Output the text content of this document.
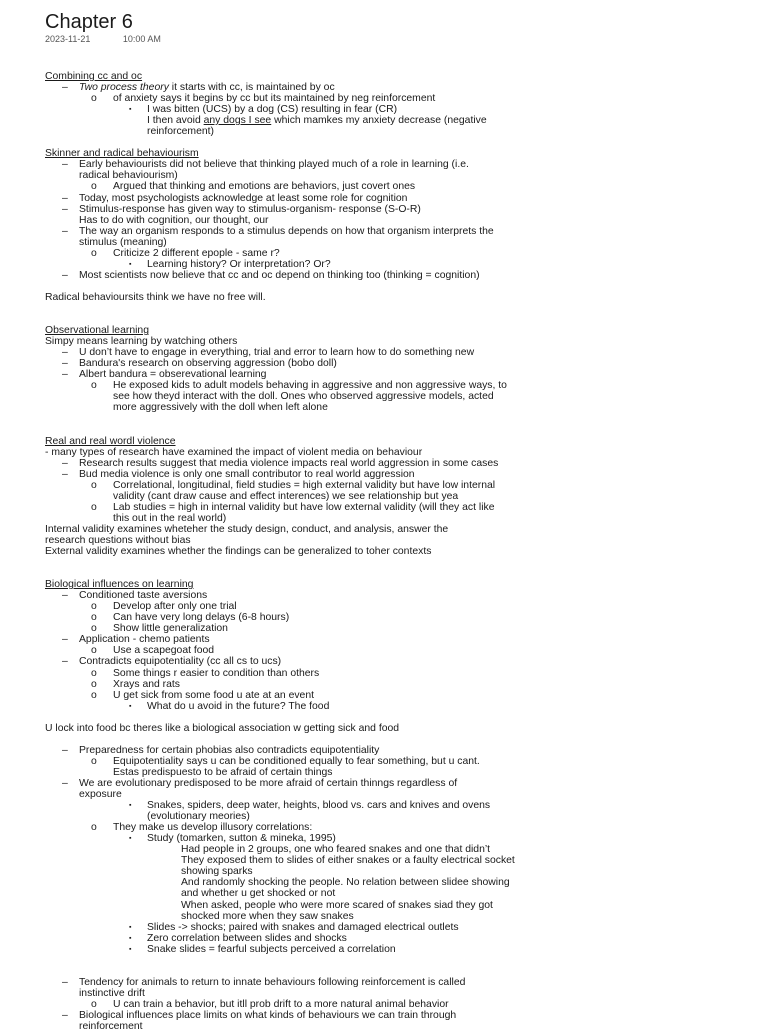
Chapter 6
2023-11-21	10:00 AM
Combining cc and oc
– Two process theory it starts with cc, is maintained by oc
o of anxiety says it begins by cc but its maintained by neg reinforcement
▪ I was bitten (UCS) by a dog (CS) resulting in fear (CR)
I then avoid any dogs I see which mamkes my anxiety decrease (negative
reinforcement)
Skinner and radical behaviourism
– Early behaviourists did not believe that thinking played much of a role in learning (i.e.
radical behaviourism)
o Argued that thinking and emotions are behaviors, just covert ones
– Today, most psychologists acknowledge at least some role for cognition
– Stimulus-response has given way to stimulus-organism- response (S-O-R)
Has to do with cognition, our thought, our
– The way an organism responds to a stimulus depends on how that organism interprets the
stimulus (meaning)
o Criticize 2 different epople - same r?
▪ Learning history? Or interpretation? Or?
– Most scientists now believe that cc and oc depend on thinking too (thinking = cognition)
Radical behavioursits think we have no free will.
Observational learning
Simpy means learning by watching others
– U don’t have to engage in everything, trial and error to learn how to do something new
– Bandura's research on observing aggression (bobo doll)
– Albert bandura = obserevational learning
o He exposed kids to adult models behaving in aggressive and non aggressive ways, to
see how theyd interact with the doll. Ones who observed aggressive models, acted
more aggressively with the doll when left alone
Real and real wordl violence
- many types of research have examined the impact of violent media on behaviour
– Research results suggest that media violence impacts real world aggression in some cases
– Bud media violence is only one small contributor to real world aggression
o Correlational, longitudinal, field studies = high external validity but have low internal
validity (cant draw cause and effect interences) we see relationship but yea
o Lab studies = high in internal validity but have low external validity (will they act like
this out in the real world)
Internal validity examines wheteher the study design, conduct, and analysis, answer the
research questions without bias
External validity examines whether the findings can be generalized to toher contexts
Biological influences on learning
– Conditioned taste aversions
o Develop after only one trial
o Can have very long delays (6-8 hours)
o Show little generalization
– Application - chemo patients
o Use a scapegoat food
– Contradicts equipotentiality (cc all cs to ucs)
o Some things r easier to condition than others
o Xrays and rats
o U get sick from some food u ate at an event
▪ What do u avoid in the future? The food
U lock into food bc theres like a biological association w getting sick and food
– Preparedness for certain phobias also contradicts equipotentiality
o Equipotentiality says u can be conditioned equally to fear something, but u cant.
Estas predispuesto to be afraid of certain things
– We are evolutionary predisposed to be more afraid of certain thinngs regardless of
exposure
▪ Snakes, spiders, deep water, heights, blood vs. cars and knives and ovens
(evolutionary meories)
o They make us develop illusory correlations:
▪ Study (tomarken, sutton & mineka, 1995)
Had people in 2 groups, one who feared snakes and one that didn’t
They exposed them to slides of either snakes or a faulty electrical socket
showing sparks
And randomly shocking the people. No relation between slidee showing
and whether u get shocked or not
When asked, people who were more scared of snakes siad they got
shocked more when they saw snakes
▪ Slides -> shocks; paired with snakes and damaged electrical outlets
▪ Zero correlation between slides and shocks
▪ Snake slides = fearful subjects perceived a correlation
– Tendency for animals to return to innate behaviours following reinforcement is called
instinctive drift
o U can train a behavior, but itll prob drift to a more natural animal behavior
– Biological influences place limits on what kinds of behaviours we can train through
reinforcement
